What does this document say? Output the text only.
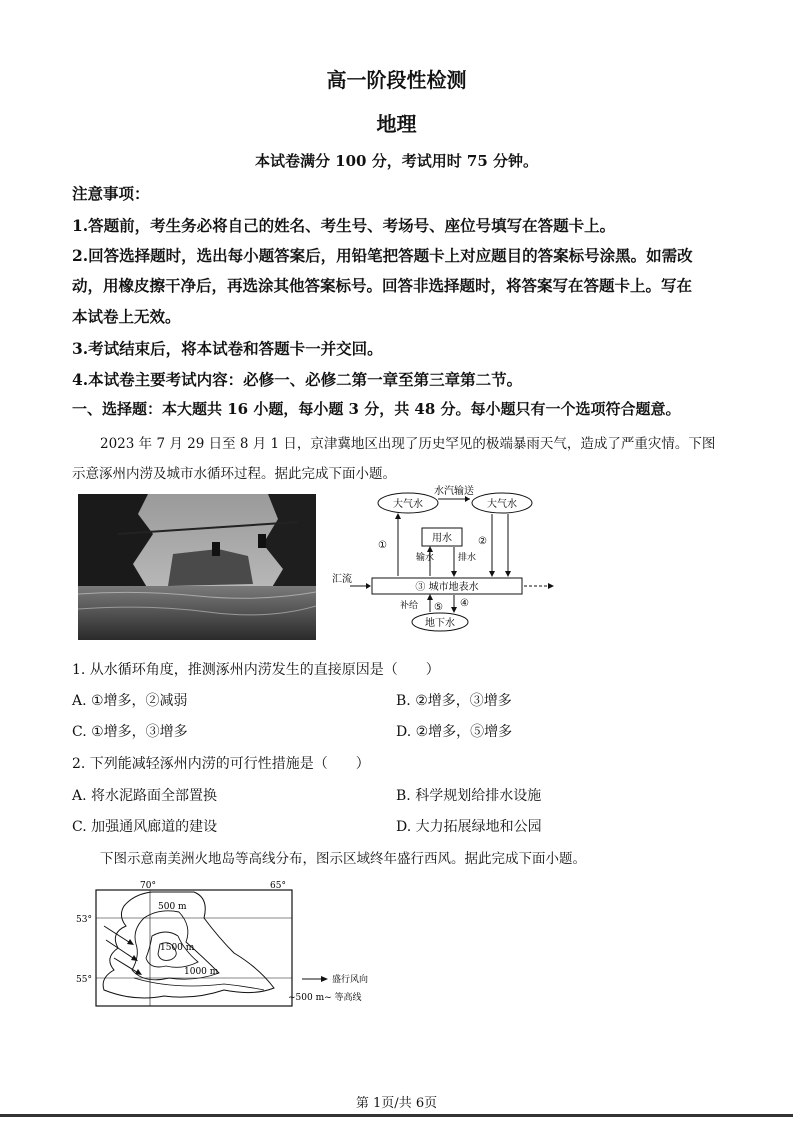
高一阶段性检测
地理
本试卷满分 100 分，考试用时 75 分钟。
注意事项：
1.答题前，考生务必将自己的姓名、考生号、考场号、座位号填写在答题卡上。
2.回答选择题时，选出每小题答案后，用铅笔把答题卡上对应题目的答案标号涂黑。如需改
动，用橡皮擦干净后，再选涂其他答案标号。回答非选择题时，将答案写在答题卡上。写在
本试卷上无效。
3.考试结束后，将本试卷和答题卡一并交回。
4.本试卷主要考试内容：必修一、必修二第一章至第三章第二节。
一、选择题：本大题共 16 小题，每小题 3 分，共 48 分。每小题只有一个选项符合题意。
2023 年 7 月 29 日至 8 月 1 日，京津冀地区出现了历史罕见的极端暴雨天气，造成了严重灾情。下图
示意涿州内涝及城市水循环过程。据此完成下面小题。
大气水	大气水
水汽输送
①	②
用水
输水	排水
③ 城市地表水
汇流
地下水
补给 ⑤ ④
1. 从水循环角度，推测涿州内涝发生的直接原因是（　　）
A. ①增多，②减弱	B. ②增多，③增多
C. ①增多，③增多	D. ②增多，⑤增多
2. 下列能减轻涿州内涝的可行性措施是（　　）
A. 将水泥路面全部置换	B. 科学规划给排水设施
C. 加强通风廊道的建设	D. 大力拓展绿地和公园
下图示意南美洲火地岛等高线分布，图示区域终年盛行西风。据此完成下面小题。
70°	65°
53°
55°
500 m
1500 m
1000 m
盛行风向
~500 m~ 等高线
第 1页/共 6页
